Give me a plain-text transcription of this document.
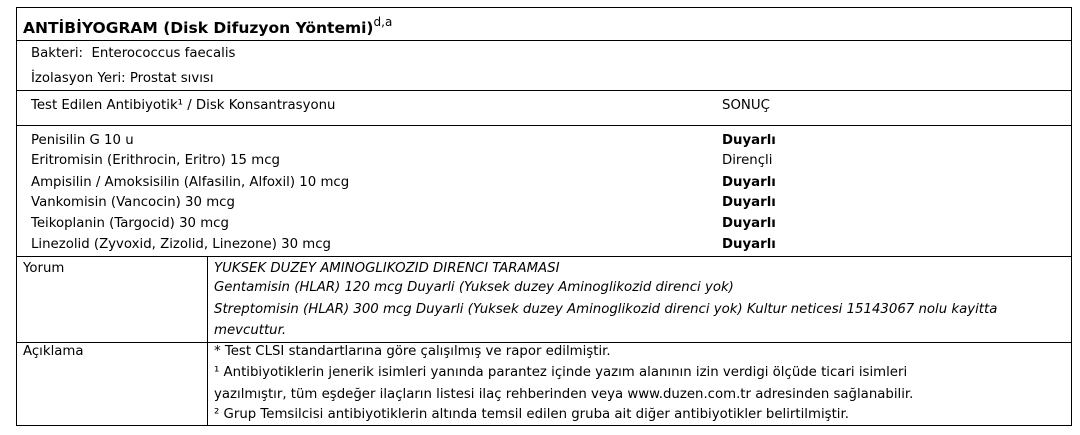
ANTİBİYOGRAM (Disk Difuzyon Yöntemi)$^{d,a}$
Bakteri: Enterococcus faecalis
İzolasyon Yeri: Prostat sıvısı
Test Edilen Antibiyotik¹ / Disk Konsantrasyonu	SONUÇ
Penisilin G 10 u	Duyarlı
Eritromisin (Erithrocin, Eritro) 15 mcg	Dirençli
Ampisilin / Amoksisilin (Alfasilin, Alfoxil) 10 mcg	Duyarlı
Vankomisin (Vancocin) 30 mcg	Duyarlı
Teikoplanin (Targocid) 30 mcg	Duyarlı
Linezolid (Zyvoxid, Zizolid, Linezone) 30 mcg	Duyarlı
Yorum	YUKSEK DUZEY AMINOGLIKOZID DIRENCI TARAMASI
Gentamisin (HLAR) 120 mcg Duyarli (Yuksek duzey Aminoglikozid direnci yok)
Streptomisin (HLAR) 300 mcg Duyarli (Yuksek duzey Aminoglikozid direnci yok) Kultur neticesi 15143067 nolu kayitta
mevcuttur.
Açıklama	* Test CLSI standartlarına göre çalışılmış ve rapor edilmiştir.
¹ Antibiyotiklerin jenerik isimleri yanında parantez içinde yazım alanının izin verdigi ölçüde ticari isimleri
yazılmıştır, tüm eşdeğer ilaçların listesi ilaç rehberinden veya www.duzen.com.tr adresinden sağlanabilir.
² Grup Temsilcisi antibiyotiklerin altında temsil edilen gruba ait diğer antibiyotikler belirtilmiştir.
